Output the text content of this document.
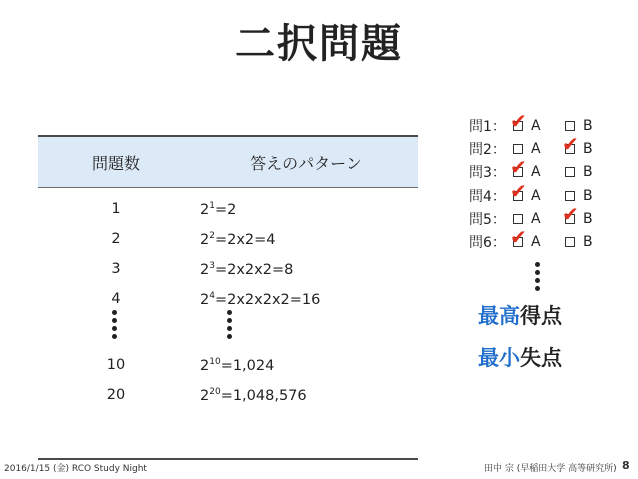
二択問題
問題数	答えのパターン
1	$2^1=2$
2	$2^2=2x2=4$
3	$2^3=2x2x2=8$
4	$2^4=2x2x2x2=16$
10	$2^{10}=1,024$
20	$2^{20}=1,048,576$
問1： ✔ A	B
問2：	A ✔ B
問3： ✔ A	B
問4： ✔ A	B
問5：	A ✔ B
問6： ✔ A	B
最高得点
最小失点
2016/1/15 (金) RCO Study Night	田中 宗 (早稲田大学 高等研究所) 8
